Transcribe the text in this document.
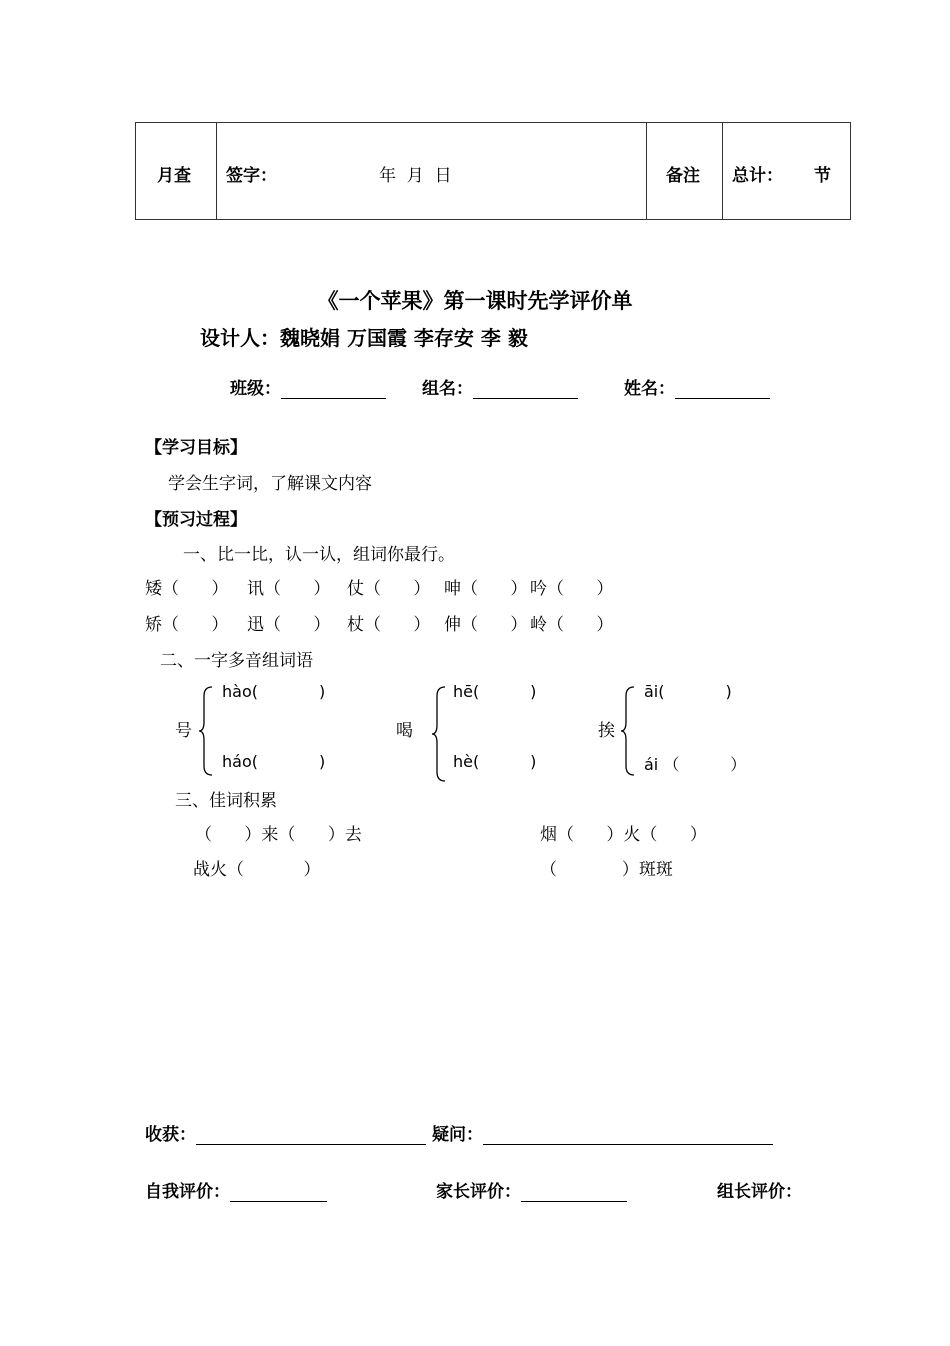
月查 签字：	年  月  日	备注 总计： 节
《一个苹果》第一课时先学评价单
设计人：魏晓娟 万国霞 李存安 李 毅
班级：	组名：	姓名：
【学习目标】
学会生字词，了解课文内容
【预习过程】
一、比一比，认一认，组词你最行。
矮（      ） 讯（      ） 仗（      ） 呻（      ） 吟（      ）
矫（      ） 迅（      ） 杖（      ） 伸（      ） 岭（      ）
二、一字多音组词语
号
hào(            )
háo(            )
喝
hē(          )
hè(          )
挨
āi(            )
ái （          ）
三、佳词积累
（      ）来（      ）去	烟（      ）火（      ）
战火（           ）	（            ）斑斑
收获：	疑问：
自我评价：	家长评价：	组长评价：
